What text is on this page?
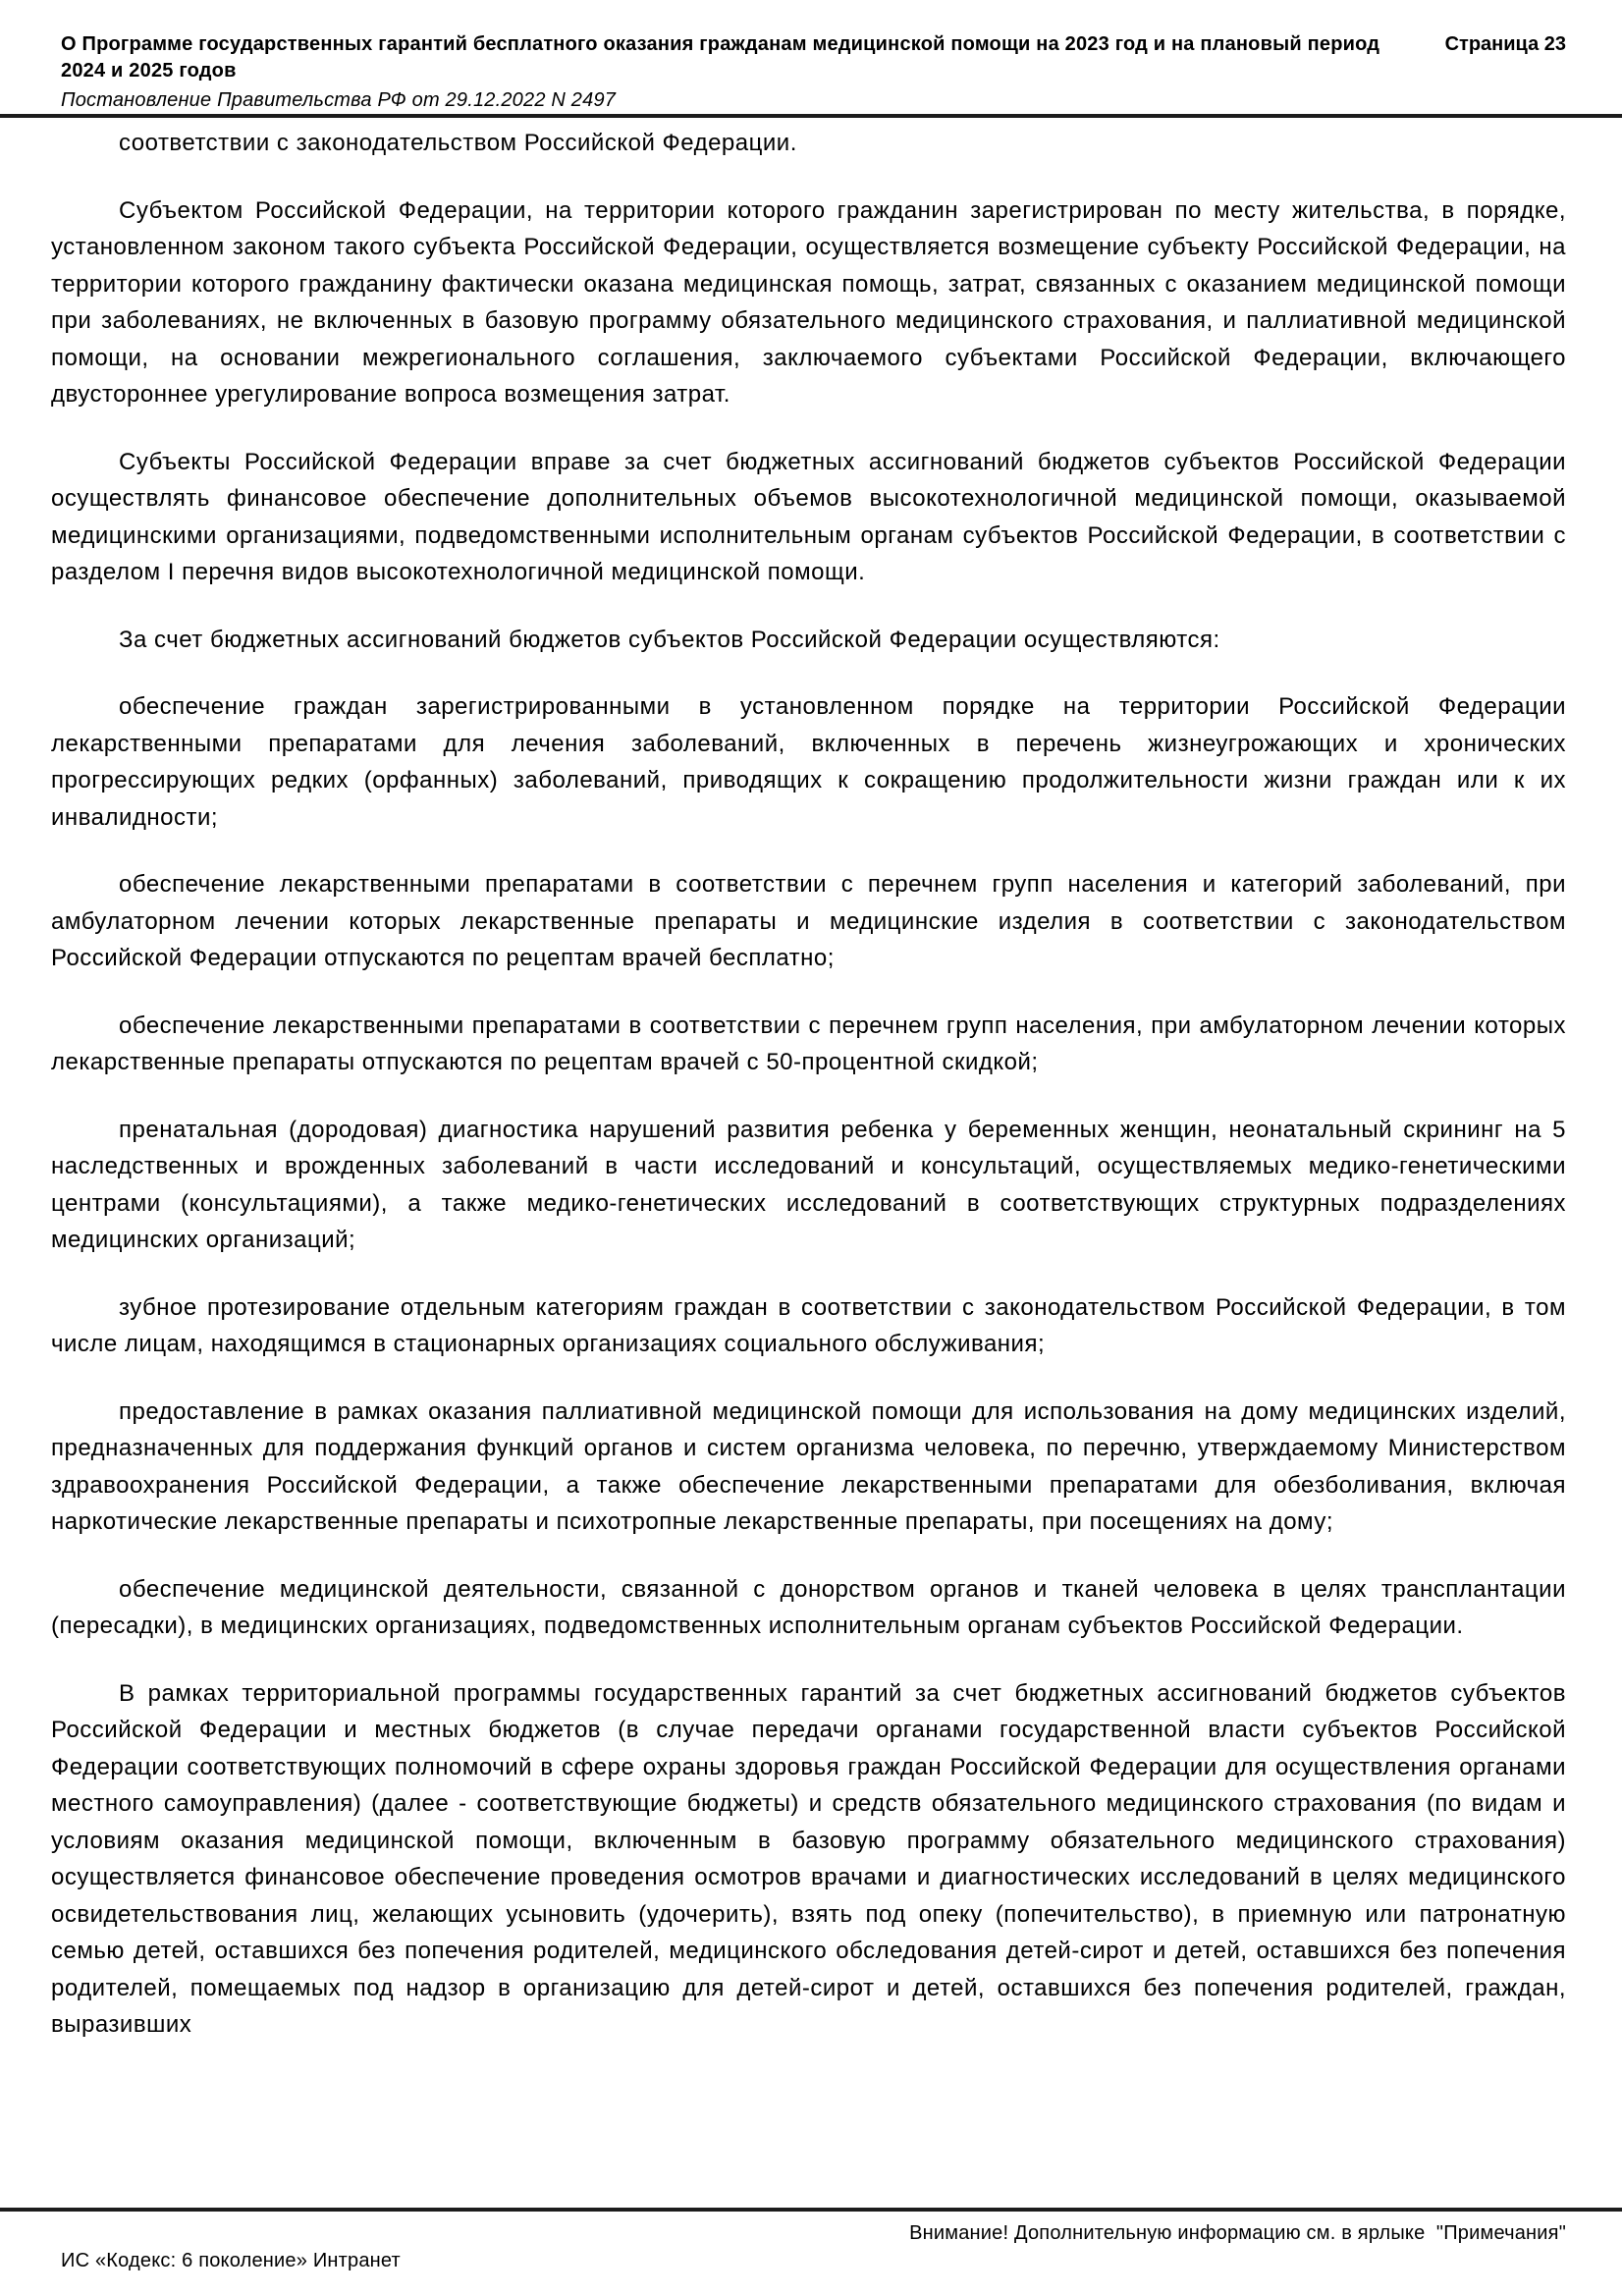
О Программе государственных гарантий бесплатного оказания гражданам медицинской помощи на 2023 год и на плановый период 2024 и 2025 годов
Страница 23
Постановление Правительства РФ от 29.12.2022 N 2497

соответствии с законодательством Российской Федерации.

Субъектом Российской Федерации, на территории которого гражданин зарегистрирован по месту жительства, в порядке, установленном законом такого субъекта Российской Федерации, осуществляется возмещение субъекту Российской Федерации, на территории которого гражданину фактически оказана медицинская помощь, затрат, связанных с оказанием медицинской помощи при заболеваниях, не включенных в базовую программу обязательного медицинского страхования, и паллиативной медицинской помощи, на основании межрегионального соглашения, заключаемого субъектами Российской Федерации, включающего двустороннее урегулирование вопроса возмещения затрат.

Субъекты Российской Федерации вправе за счет бюджетных ассигнований бюджетов субъектов Российской Федерации осуществлять финансовое обеспечение дополнительных объемов высокотехнологичной медицинской помощи, оказываемой медицинскими организациями, подведомственными исполнительным органам субъектов Российской Федерации, в соответствии с разделом I перечня видов высокотехнологичной медицинской помощи.

За счет бюджетных ассигнований бюджетов субъектов Российской Федерации осуществляются:

обеспечение граждан зарегистрированными в установленном порядке на территории Российской Федерации лекарственными препаратами для лечения заболеваний, включенных в перечень жизнеугрожающих и хронических прогрессирующих редких (орфанных) заболеваний, приводящих к сокращению продолжительности жизни граждан или к их инвалидности;

обеспечение лекарственными препаратами в соответствии с перечнем групп населения и категорий заболеваний, при амбулаторном лечении которых лекарственные препараты и медицинские изделия в соответствии с законодательством Российской Федерации отпускаются по рецептам врачей бесплатно;

обеспечение лекарственными препаратами в соответствии с перечнем групп населения, при амбулаторном лечении которых лекарственные препараты отпускаются по рецептам врачей с 50-процентной скидкой;

пренатальная (дородовая) диагностика нарушений развития ребенка у беременных женщин, неонатальный скрининг на 5 наследственных и врожденных заболеваний в части исследований и консультаций, осуществляемых медико-генетическими центрами (консультациями), а также медико-генетических исследований в соответствующих структурных подразделениях медицинских организаций;

зубное протезирование отдельным категориям граждан в соответствии с законодательством Российской Федерации, в том числе лицам, находящимся в стационарных организациях социального обслуживания;

предоставление в рамках оказания паллиативной медицинской помощи для использования на дому медицинских изделий, предназначенных для поддержания функций органов и систем организма человека, по перечню, утверждаемому Министерством здравоохранения Российской Федерации, а также обеспечение лекарственными препаратами для обезболивания, включая наркотические лекарственные препараты и психотропные лекарственные препараты, при посещениях на дому;

обеспечение медицинской деятельности, связанной с донорством органов и тканей человека в целях трансплантации (пересадки), в медицинских организациях, подведомственных исполнительным органам субъектов Российской Федерации.

В рамках территориальной программы государственных гарантий за счет бюджетных ассигнований бюджетов субъектов Российской Федерации и местных бюджетов (в случае передачи органами государственной власти субъектов Российской Федерации соответствующих полномочий в сфере охраны здоровья граждан Российской Федерации для осуществления органами местного самоуправления) (далее - соответствующие бюджеты) и средств обязательного медицинского страхования (по видам и условиям оказания медицинской помощи, включенным в базовую программу обязательного медицинского страхования) осуществляется финансовое обеспечение проведения осмотров врачами и диагностических исследований в целях медицинского освидетельствования лиц, желающих усыновить (удочерить), взять под опеку (попечительство), в приемную или патронатную семью детей, оставшихся без попечения родителей, медицинского обследования детей-сирот и детей, оставшихся без попечения родителей, помещаемых под надзор в организацию для детей-сирот и детей, оставшихся без попечения родителей, граждан, выразивших

Внимание! Дополнительную информацию см. в ярлыке  "Примечания"
ИС «Кодекс: 6 поколение» Интранет
